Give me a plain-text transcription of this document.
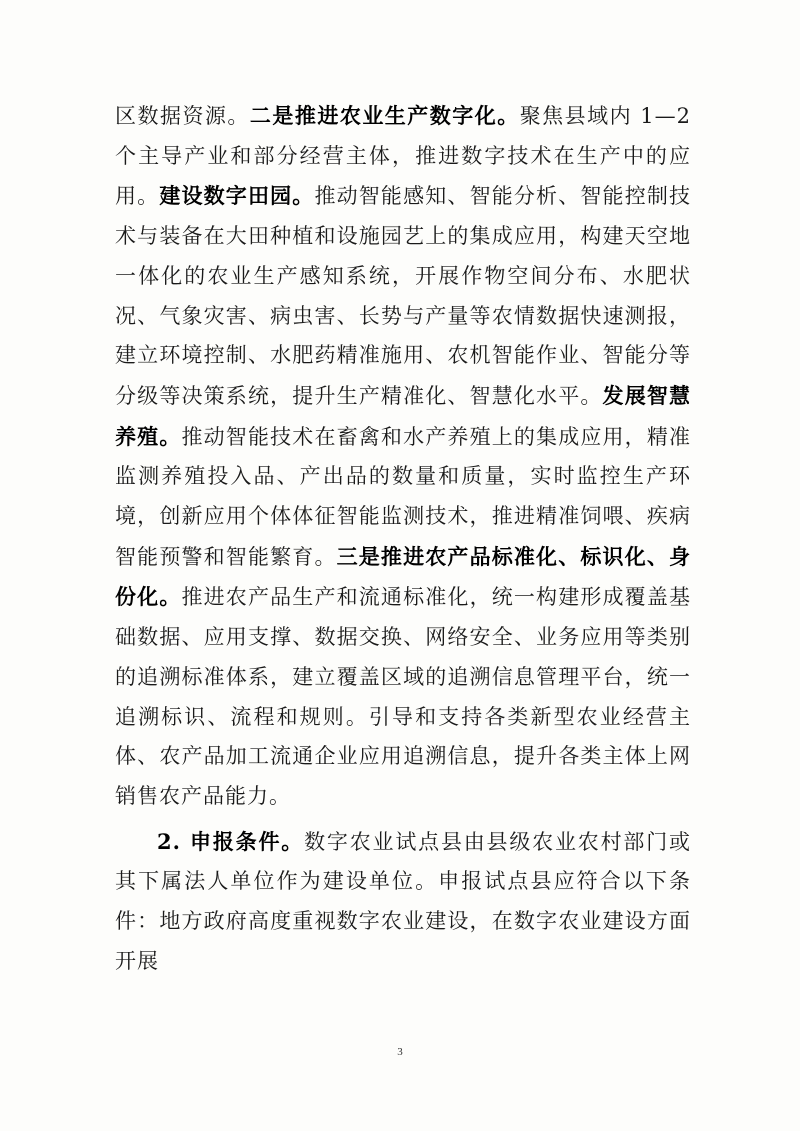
区数据资源。二是推进农业生产数字化。聚焦县域内 1—2 个主导产业和部分经营主体，推进数字技术在生产中的应用。建设数字田园。推动智能感知、智能分析、智能控制技术与装备在大田种植和设施园艺上的集成应用，构建天空地一体化的农业生产感知系统，开展作物空间分布、水肥状况、气象灾害、病虫害、长势与产量等农情数据快速测报，建立环境控制、水肥药精准施用、农机智能作业、智能分等分级等决策系统，提升生产精准化、智慧化水平。发展智慧养殖。推动智能技术在畜禽和水产养殖上的集成应用，精准监测养殖投入品、产出品的数量和质量，实时监控生产环境，创新应用个体体征智能监测技术，推进精准饲喂、疾病智能预警和智能繁育。三是推进农产品标准化、标识化、身份化。推进农产品生产和流通标准化，统一构建形成覆盖基础数据、应用支撑、数据交换、网络安全、业务应用等类别的追溯标准体系，建立覆盖区域的追溯信息管理平台，统一追溯标识、流程和规则。引导和支持各类新型农业经营主体、农产品加工流通企业应用追溯信息，提升各类主体上网销售农产品能力。

2. 申报条件。数字农业试点县由县级农业农村部门或其下属法人单位作为建设单位。申报试点县应符合以下条件：地方政府高度重视数字农业建设，在数字农业建设方面开展

3
